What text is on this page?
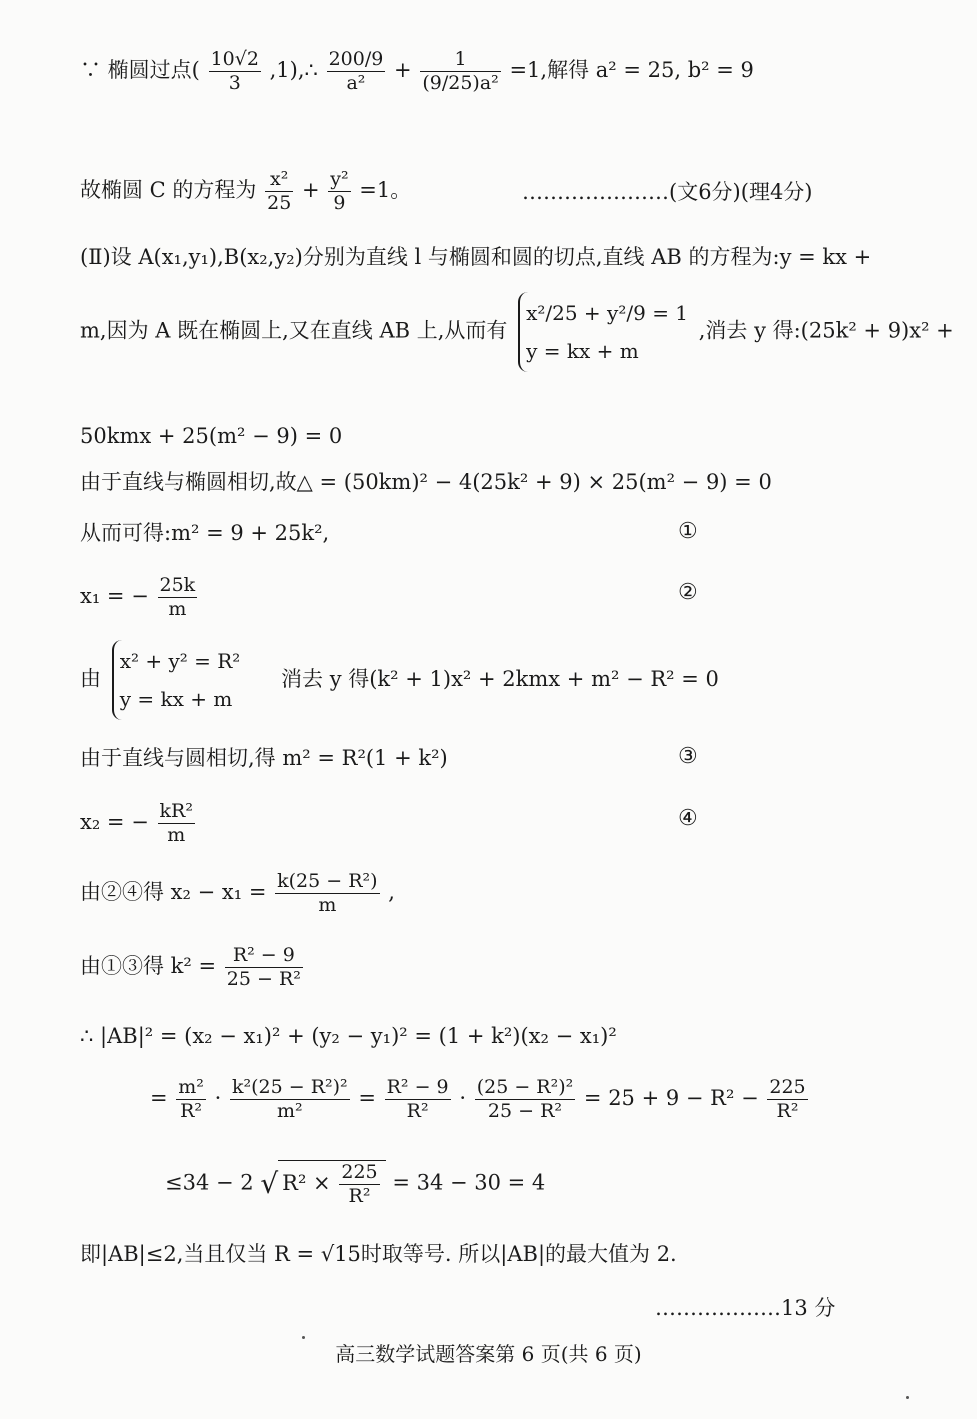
∵ 椭圆过点( $\frac{10√2}{3}$ ,1),∴ $\frac{200/9}{\text{a²}} + \frac{1}{\text{(9/25)a²}} =1$,解得 a² = 25, b² = 9
故椭圆 C 的方程为 $\frac{\text{x²}}{25} + \frac{\text{y²}}{9} =1$。	…………………(文6分)(理4分)
(Ⅱ)设 A(x₁,y₁),B(x₂,y₂)分别为直线 l 与椭圆和圆的切点,直线 AB 的方程为:y = kx +
m,因为 A 既在椭圆上,又在直线 AB 上,从而有
x²/25 + y²/9 = 1
y = kx + m
,消去 y 得:(25k² + 9)x² +
50kmx + 25(m² − 9) = 0
由于直线与椭圆相切,故△ = (50km)² − 4(25k² + 9) × 25(m² − 9) = 0
从而可得:m² = 9 + 25k²,	①
x₁ = − $\frac{25k}{m}$	②
由
x² + y² = R²
y = kx + m
消去 y 得(k² + 1)x² + 2kmx + m² − R² = 0
由于直线与圆相切,得 m² = R²(1 + k²)	③
x₂ = − $\frac{\text{kR²}}{m}$	④
由②④得 $x_2 - x_1 = \frac{\text{k(25 − R²)}}{m}$ ,
由①③得 $k^2 = \frac{\text{R² − 9}}{\text{25 − R²}}$
∴ |AB|² = (x₂ − x₁)² + (y₂ − y₁)² = (1 + k²)(x₂ − x₁)²
= $\frac{\text{m²}}{\text{R²}} \cdot \frac{\text{k²(25 − R²)²}}{\text{m²}} = \frac{\text{R² − 9}}{\text{R²}} \cdot \frac{\text{(25 − R²)²}}{\text{25 − R²}} = 25 + 9 - R^2 - \frac{225}{\text{R²}}$
≤34 − 2 √ $R^2 \times \frac{225}{\text{R²}} = 34 - 30 = 4$
即|AB|≤2,当且仅当 R = √15时取等号. 所以|AB|的最大值为 2.
………………13 分
高三数学试题答案第 6 页(共 6 页)
